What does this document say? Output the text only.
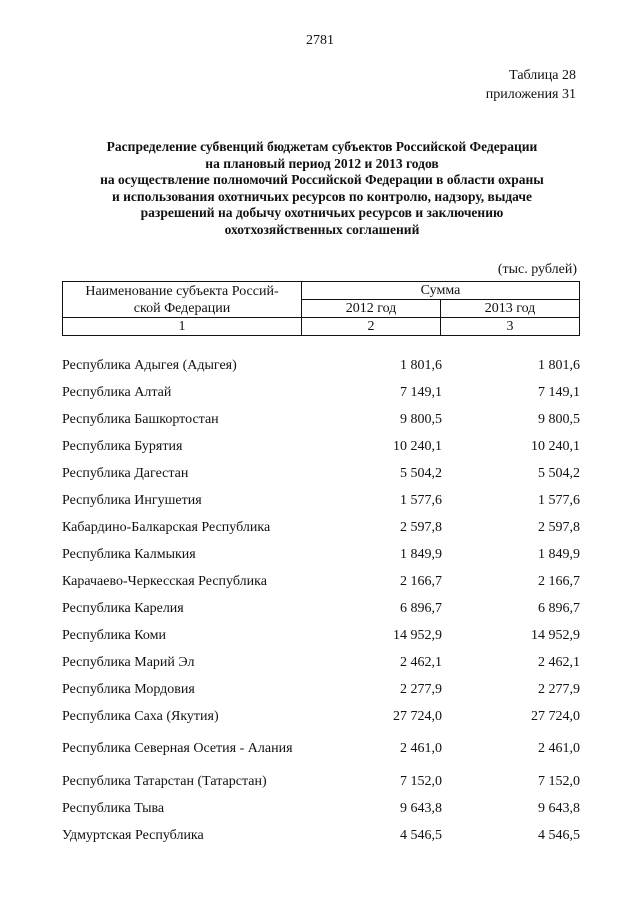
2781
Таблица 28
приложения 31
Распределение субвенций бюджетам субъектов Российской Федерации
на плановый период 2012 и 2013 годов
на осуществление полномочий Российской Федерации в области охраны
и использования охотничьих ресурсов по контролю, надзору, выдаче
разрешений на добычу охотничьих ресурсов и заключению
охотхозяйственных соглашений
(тыс. рублей)
Наименование субъекта Россий-
ской Федерации	Сумма	
	2012 год	2013 год
1	2	3
Республика Адыгея (Адыгея)	1 801,6	1 801,6
Республика Алтай	7 149,1	7 149,1
Республика Башкортостан	9 800,5	9 800,5
Республика Бурятия	10 240,1	10 240,1
Республика Дагестан	5 504,2	5 504,2
Республика Ингушетия	1 577,6	1 577,6
Кабардино-Балкарская Республика	2 597,8	2 597,8
Республика Калмыкия	1 849,9	1 849,9
Карачаево-Черкесская Республика	2 166,7	2 166,7
Республика Карелия	6 896,7	6 896,7
Республика Коми	14 952,9	14 952,9
Республика Марий Эл	2 462,1	2 462,1
Республика Мордовия	2 277,9	2 277,9
Республика Саха (Якутия)	27 724,0	27 724,0
Республика Северная Осетия - Алания	2 461,0	2 461,0
Республика Татарстан (Татарстан)	7 152,0	7 152,0
Республика Тыва	9 643,8	9 643,8
Удмуртская Республика	4 546,5	4 546,5
